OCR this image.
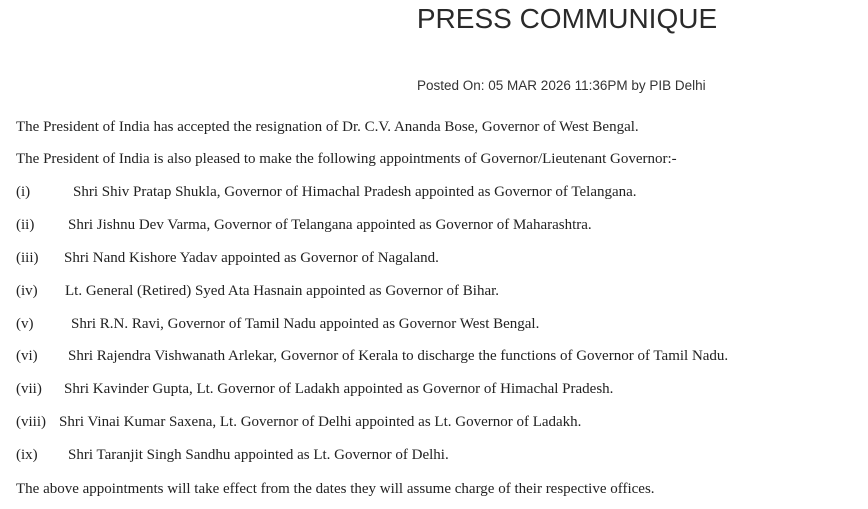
PRESS COMMUNIQUE
Posted On: 05 MAR 2026 11:36PM by PIB Delhi
The President of India has accepted the resignation of Dr. C.V. Ananda Bose, Governor of West Bengal.
The President of India is also pleased to make the following appointments of Governor/Lieutenant Governor:-
(i)	Shri Shiv Pratap Shukla, Governor of Himachal Pradesh appointed as Governor of Telangana.
(ii) Shri Jishnu Dev Varma, Governor of Telangana appointed as Governor of Maharashtra.
(iii) Shri Nand Kishore Yadav appointed as Governor of Nagaland.
(iv) Lt. General (Retired) Syed Ata Hasnain appointed as Governor of Bihar.
(v)	Shri R.N. Ravi, Governor of Tamil Nadu appointed as Governor West Bengal.
(vi) Shri Rajendra Vishwanath Arlekar, Governor of Kerala to discharge the functions of Governor of Tamil Nadu.
(vii) Shri Kavinder Gupta, Lt. Governor of Ladakh appointed as Governor of Himachal Pradesh.
(viii) Shri Vinai Kumar Saxena, Lt. Governor of Delhi appointed as Lt. Governor of Ladakh.
(ix) Shri Taranjit Singh Sandhu appointed as Lt. Governor of Delhi.
The above appointments will take effect from the dates they will assume charge of their respective offices.
